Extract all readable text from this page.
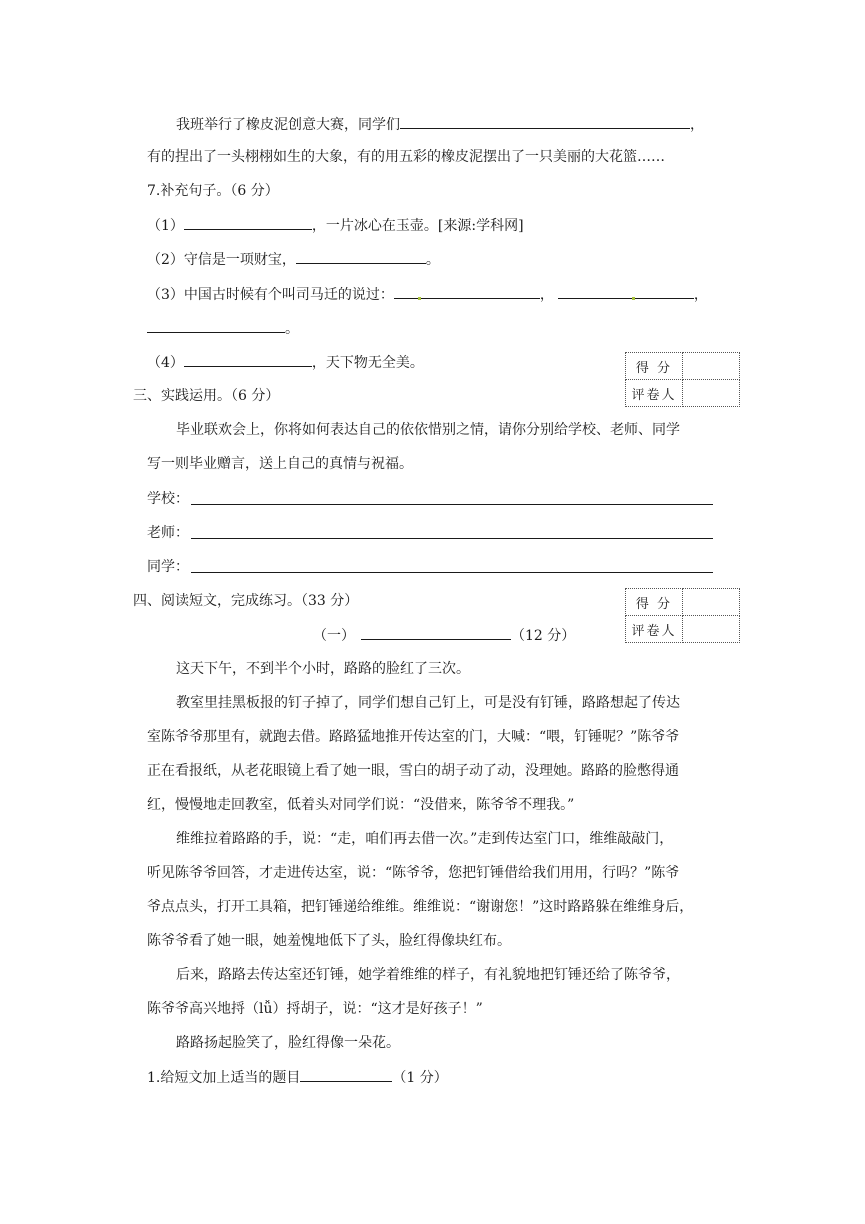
我班举行了橡皮泥创意大赛，同学们	，
有的捏出了一头栩栩如生的大象，有的用五彩的橡皮泥摆出了一只美丽的大花篮……
7.补充句子。（6 分）
（1）	，一片冰心在玉壶。[来源:学科网]
（2）守信是一项财宝，	。
（3）中国古时候有个叫司马迁的说过：	，	，
。
（4）	，天下物无全美。	得 分	
评卷人	
三、实践运用。（6 分）
毕业联欢会上，你将如何表达自己的依依惜别之情，请你分别给学校、老师、同学
写一则毕业赠言，送上自己的真情与祝福。
学校：
老师：
同学：
四、阅读短文，完成练习。（33 分）	得 分	
评卷人	
（一）	（12 分）
这天下午，不到半个小时，路路的脸红了三次。
教室里挂黑板报的钉子掉了，同学们想自己钉上，可是没有钉锤，路路想起了传达
室陈爷爷那里有，就跑去借。路路猛地推开传达室的门，大喊：“喂，钉锤呢？”陈爷爷
正在看报纸，从老花眼镜上看了她一眼，雪白的胡子动了动，没理她。路路的脸憋得通
红，慢慢地走回教室，低着头对同学们说：“没借来，陈爷爷不理我。”
维维拉着路路的手，说：“走，咱们再去借一次。”走到传达室门口，维维敲敲门，
听见陈爷爷回答，才走进传达室，说：“陈爷爷，您把钉锤借给我们用用，行吗？”陈爷
爷点点头，打开工具箱，把钉锤递给维维。维维说：“谢谢您！”这时路路躲在维维身后，
陈爷爷看了她一眼，她羞愧地低下了头，脸红得像块红布。
后来，路路去传达室还钉锤，她学着维维的样子，有礼貌地把钉锤还给了陈爷爷，
陈爷爷高兴地捋（lǚ）捋胡子，说：“这才是好孩子！”
路路扬起脸笑了，脸红得像一朵花。
1.给短文加上适当的题目	（1 分）
